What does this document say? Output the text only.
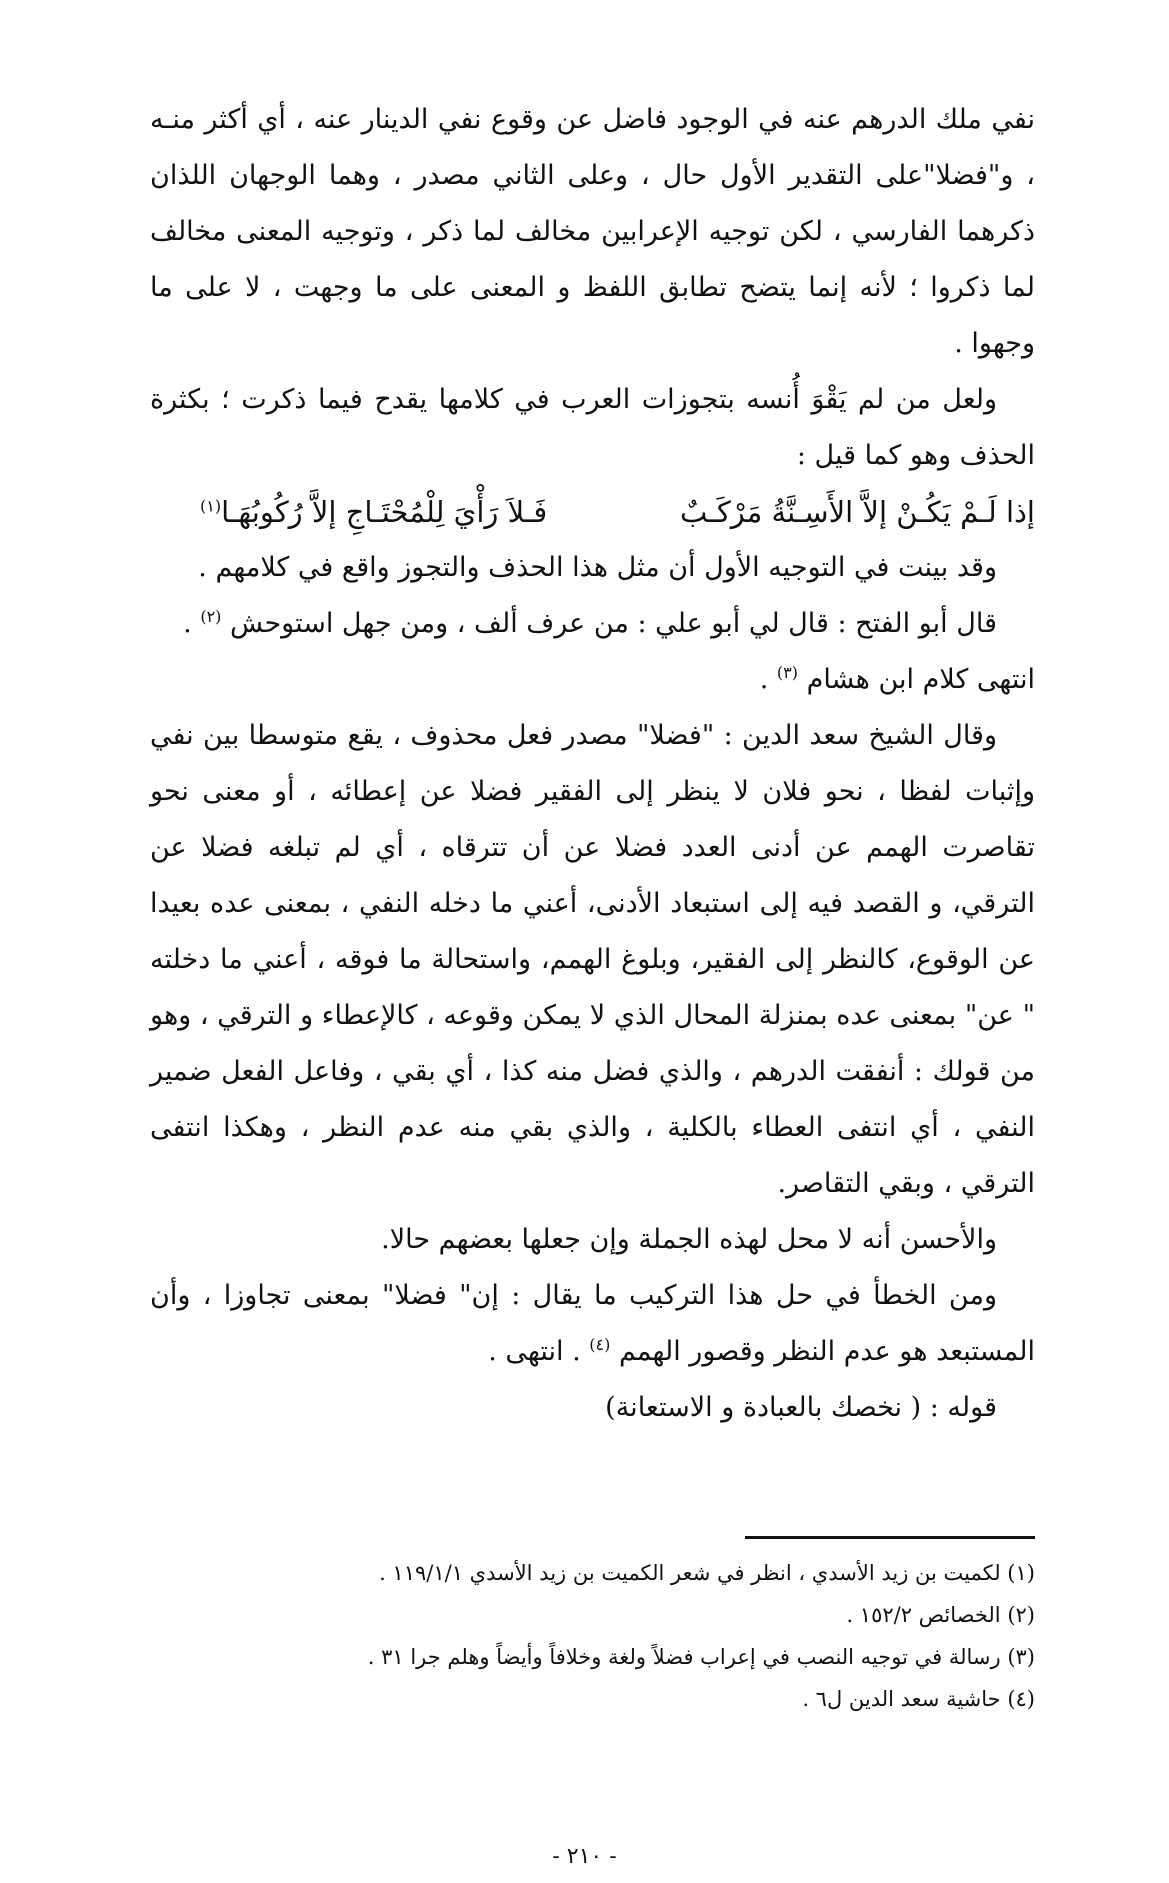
نفي ملك الدرهم عنه في الوجود فاضل عن وقوع نفي الدينار عنه ، أي أكثر منـه ، و"فضلا"على التقدير الأول حال ، وعلى الثاني مصدر ، وهما الوجهان اللذان ذكرهما الفارسي ، لكن توجيه الإعرابين مخالف لما ذكر ، وتوجيه المعنى مخالف لما ذكروا ؛ لأنه إنما يتضح تطابق اللفظ و المعنى على ما وجهت ، لا على ما وجهوا .

ولعل من لم يَقْوَ أُنسه بتجوزات العرب في كلامها يقدح فيما ذكرت ؛ بكثرة الحذف وهو كما قيل :

إذا لَـمْ يَكُـنْ إلاَّ الأَسِـنَّةُ مَرْكَـبٌ
فَـلاَ رَأْيَ لِلْمُحْتَـاجِ إلاَّ رُكُوبُهَـا$^{(١)}$

وقد بينت في التوجيه الأول أن مثل هذا الحذف والتجوز واقع في كلامهم .

قال أبو الفتح : قال لي أبو علي : من عرف ألف ، ومن جهل استوحش $^{(٢)}$ .

انتهى كلام ابن هشام $^{(٣)}$ .

وقال الشيخ سعد الدين : "فضلا" مصدر فعل محذوف ، يقع متوسطا بين نفي وإثبات لفظا ، نحو فلان لا ينظر إلى الفقير فضلا عن إعطائه ، أو معنى نحو تقاصرت الهمم عن أدنى العدد فضلا عن أن تترقاه ، أي لم تبلغه فضلا عن الترقي، و القصد فيه إلى استبعاد الأدنى، أعني ما دخله النفي ، بمعنى عده بعيدا عن الوقوع، كالنظر إلى الفقير، وبلوغ الهمم، واستحالة ما فوقه ، أعني ما دخلته " عن" بمعنى عده بمنزلة المحال الذي لا يمكن وقوعه ، كالإعطاء و الترقي ، وهو من قولك : أنفقت الدرهم ، والذي فضل منه كذا ، أي بقي ، وفاعل الفعل ضمير النفي ، أي انتفى العطاء بالكلية ، والذي بقي منه عدم النظر ، وهكذا انتفى الترقي ، وبقي التقاصر.

والأحسن أنه لا محل لهذه الجملة وإن جعلها بعضهم حالا.

ومن الخطأ في حل هذا التركيب ما يقال : إن" فضلا" بمعنى تجاوزا ، وأن المستبعد هو عدم النظر وقصور الهمم $^{(٤)}$ . انتهى .

قوله : ( نخصك بالعبادة و الاستعانة)

(١) لكميت بن زيد الأسدي ، انظر في شعر الكميت بن زيد الأسدي ١١٩/١/١ .
(٢) الخصائص ١٥٢/٢ .
(٣) رسالة في توجيه النصب في إعراب فضلاً ولغة وخلافاً وأيضاً وهلم جرا ٣١ .
(٤) حاشية سعد الدين ل٦ .
- ٢١٠ -
